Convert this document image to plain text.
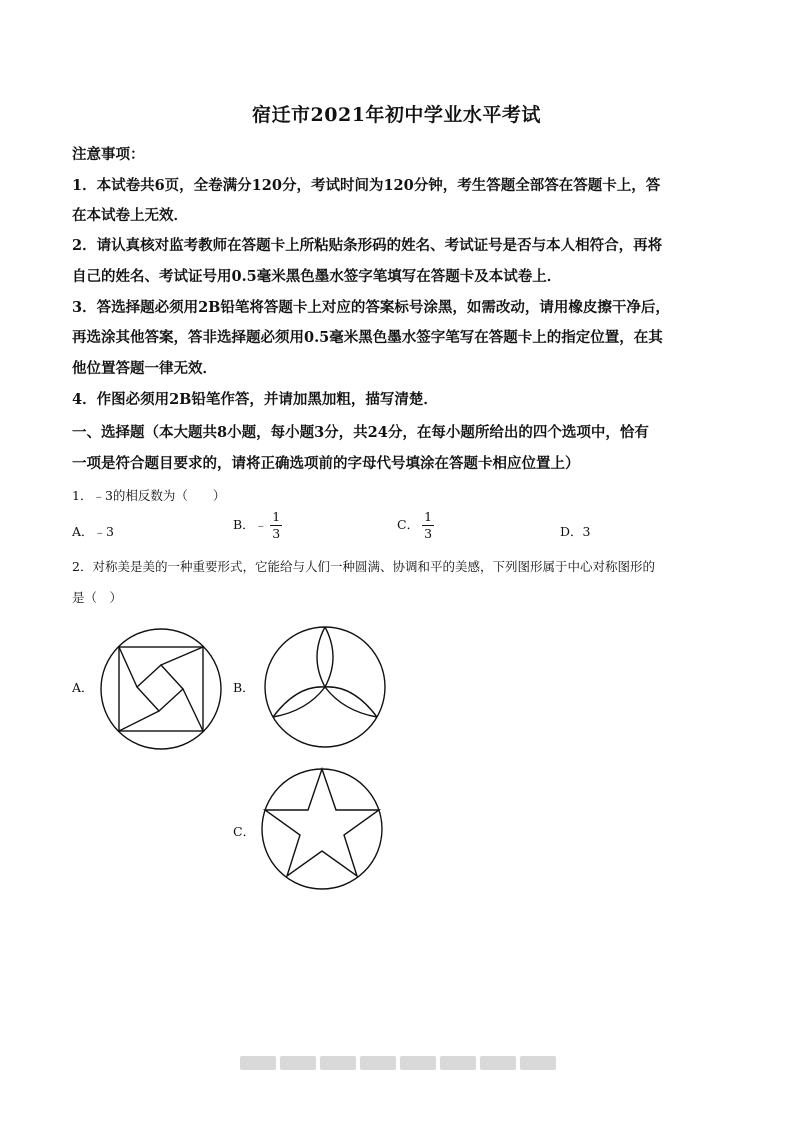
宿迁市2021年初中学业水平考试
注意事项：
1．本试卷共6页，全卷满分120分，考试时间为120分钟，考生答题全部答在答题卡上，答
在本试卷上无效．
2．请认真核对监考教师在答题卡上所粘贴条形码的姓名、考试证号是否与本人相符合，再将
自己的姓名、考试证号用0.5毫米黑色墨水签字笔填写在答题卡及本试卷上．
3．答选择题必须用2B铅笔将答题卡上对应的答案标号涂黑，如需改动，请用橡皮擦干净后，
再选涂其他答案，答非选择题必须用0.5毫米黑色墨水签字笔写在答题卡上的指定位置，在其
他位置答题一律无效．
4．作图必须用2B铅笔作答，并请加黑加粗，描写清楚．
一、选择题（本大题共8小题，每小题3分，共24分，在每小题所给出的四个选项中，恰有
一项是符合题目要求的，请将正确选项前的字母代号填涂在答题卡相应位置上）
1．﹣3的相反数为（　　）
A．﹣3	B．﹣ $\frac{1}{3}$	C． $\frac{1}{3}$	D．3
2．对称美是美的一种重要形式，它能给与人们一种圆满、协调和平的美感，下列图形属于中心对称图形的
是（　）
A．	B．
C．
